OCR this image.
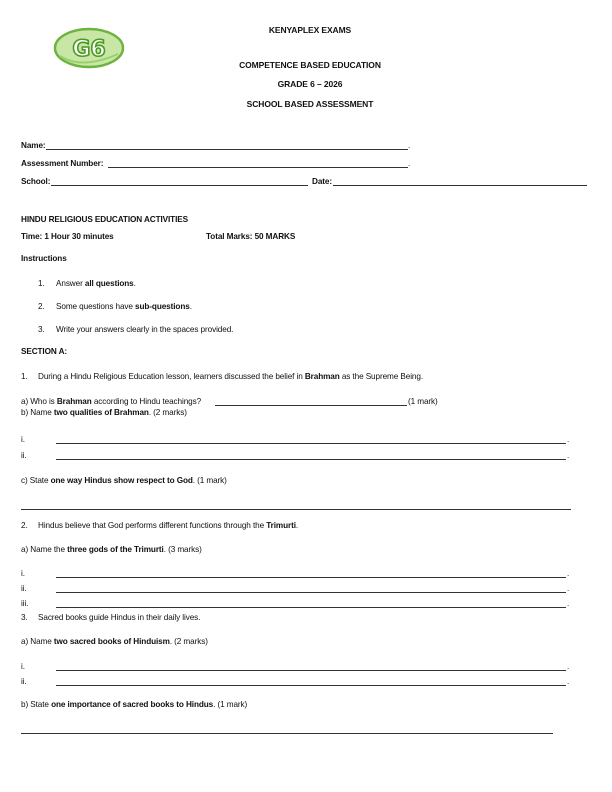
G6
KENYAPLEX EXAMS
COMPETENCE BASED EDUCATION
GRADE 6 – 2026
SCHOOL BASED ASSESSMENT
Name:	.
Assessment Number:	.
School:	Date:
HINDU RELIGIOUS EDUCATION ACTIVITIES
Time: 1 Hour 30 minutes	Total Marks: 50 MARKS
Instructions
1. Answer all questions.
2. Some questions have sub-questions.
3. Write your answers clearly in the spaces provided.
SECTION A:
1. During a Hindu Religious Education lesson, learners discussed the belief in Brahman as the Supreme Being.
a) Who is Brahman according to Hindu teachings?	(1 mark)
b) Name two qualities of Brahman. (2 marks)
i.	.
ii.	.
c) State one way Hindus show respect to God. (1 mark)
2. Hindus believe that God performs different functions through the Trimurti.
a) Name the three gods of the Trimurti. (3 marks)
i.	.
ii.	.
iii.	.
3. Sacred books guide Hindus in their daily lives.
a) Name two sacred books of Hinduism. (2 marks)
i.	.
ii.	.
b) State one importance of sacred books to Hindus. (1 mark)
